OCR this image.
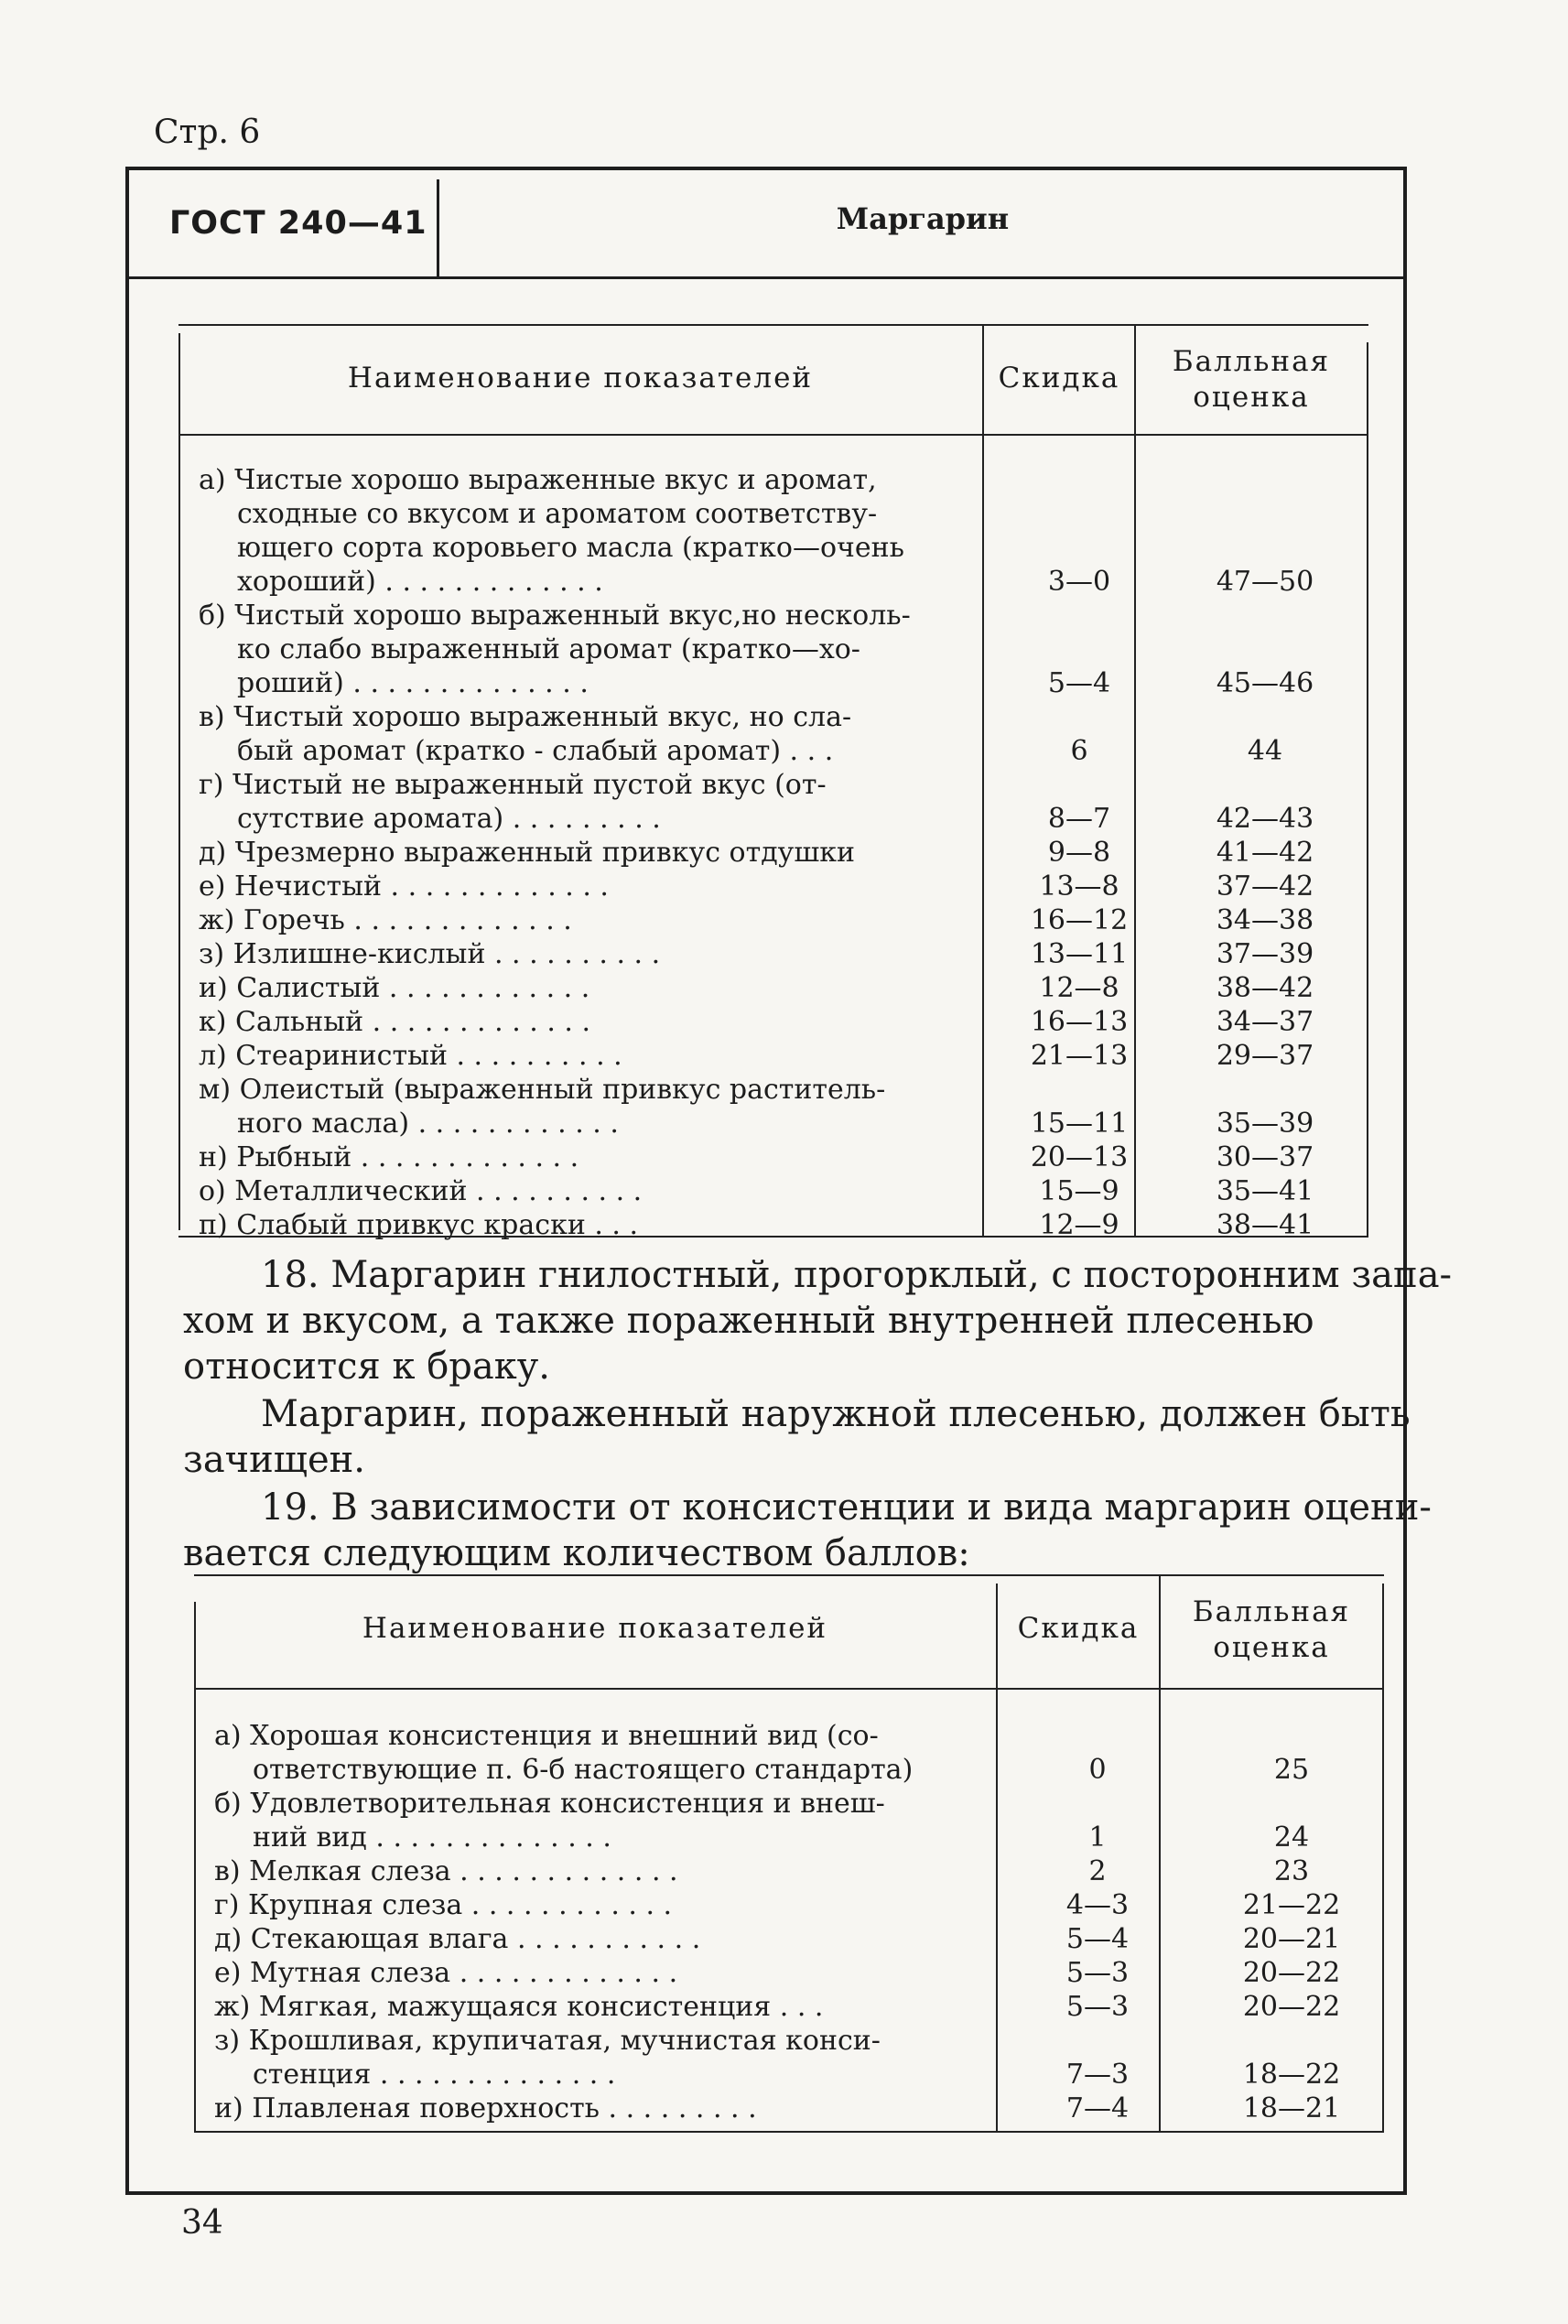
Стр. 6
ГОСТ 240—41	Маргарин
Наименование показателей	Скидка	Балльная оценка
а) Чистые хорошо выраженные вкус и аромат,
сходные со вкусом и ароматом соответству-
ющего сорта коровьего масла (кратко—очень
хороший) . . . . . . . . . . . . .	3—0	47—50
б) Чистый хорошо выраженный вкус,но несколь-
ко слабо выраженный аромат (кратко—хо-
роший) . . . . . . . . . . . . . .	5—4	45—46
в) Чистый хорошо выраженный вкус, но сла-
бый аромат (кратко - слабый аромат) . . .	6	44
г) Чистый не выраженный пустой вкус (от-
сутствие аромата) . . . . . . . . .	8—7	42—43
д) Чрезмерно выраженный привкус отдушки	9—8	41—42
е) Нечистый . . . . . . . . . . . . .	13—8	37—42
ж) Горечь . . . . . . . . . . . . .	16—12	34—38
з) Излишне-кислый . . . . . . . . . .	13—11	37—39
и) Салистый . . . . . . . . . . . .	12—8	38—42
к) Сальный . . . . . . . . . . . . .	16—13	34—37
л) Стеаринистый . . . . . . . . . .	21—13	29—37
м) Олеистый (выраженный привкус раститель-
ного масла) . . . . . . . . . . . .	15—11	35—39
н) Рыбный . . . . . . . . . . . . .	20—13	30—37
о) Металлический . . . . . . . . . .	15—9	35—41
п) Слабый привкус краски . . .	12—9	38—41
18. Маргарин гнилостный, прогорклый, с посторонним запа-
хом и вкусом, а также пораженный внутренней плесенью
относится к браку.
Маргарин, пораженный наружной плесенью, должен быть
зачищен.
19. В зависимости от консистенции и вида маргарин оцени-
вается следующим количеством баллов:
Наименование показателей	Скидка	Балльная оценка
а) Хорошая консистенция и внешний вид (со-
ответствующие п. 6-б настоящего стандарта)	0	25
б) Удовлетворительная консистенция и внеш-
ний вид . . . . . . . . . . . . . .	1	24
в) Мелкая слеза . . . . . . . . . . . . .	2	23
г) Крупная слеза . . . . . . . . . . . .	4—3	21—22
д) Стекающая влага . . . . . . . . . . .	5—4	20—21
е) Мутная слеза . . . . . . . . . . . . .	5—3	20—22
ж) Мягкая, мажущаяся консистенция . . .	5—3	20—22
з) Крошливая, крупичатая, мучнистая конси-
стенция . . . . . . . . . . . . . .	7—3	18—22
и) Плавленая поверхность . . . . . . . . .	7—4	18—21
34
